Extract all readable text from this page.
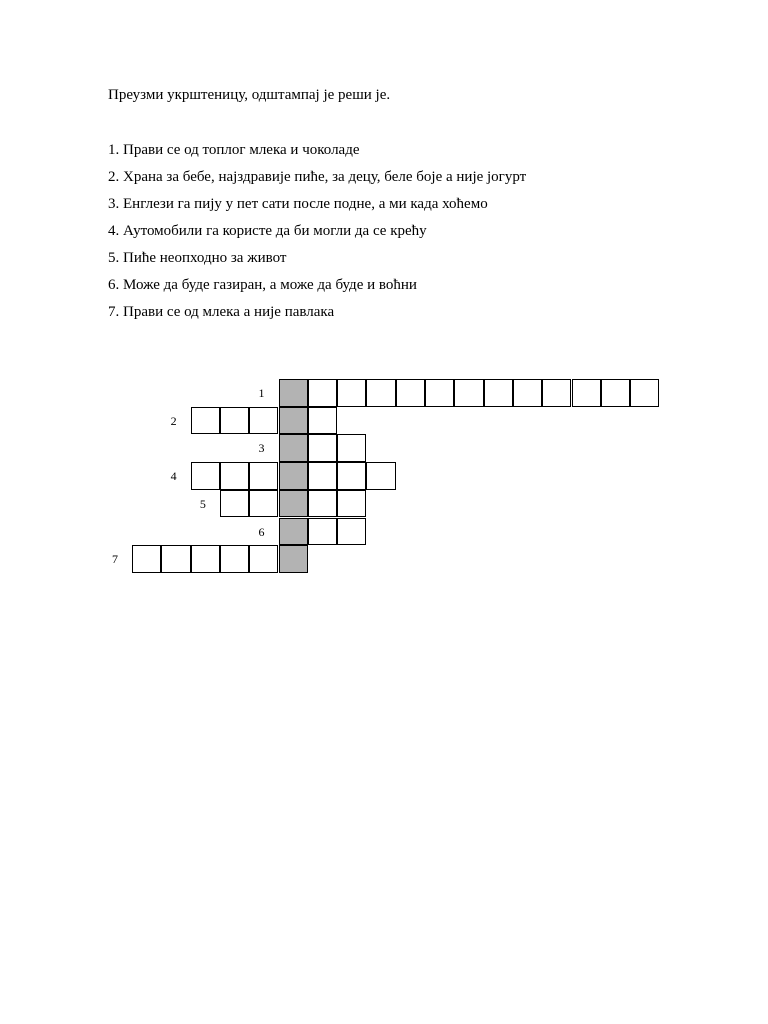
Преузми укрштеницу, одштампај је реши је.
1. Прави се од топлог млека и чоколаде
2. Храна за бебе, најздравије пиће, за децу, беле боје а није јогурт
3. Енглези га пију у пет сати после подне, а ми када хоћемо
4. Аутомобили га користе да би могли да се крећу
5. Пиће неопходно за живот
6. Може да буде газиран, а може да буде и воћни
7. Прави се од млека а није павлака
1
2
3
4
5
6
7
